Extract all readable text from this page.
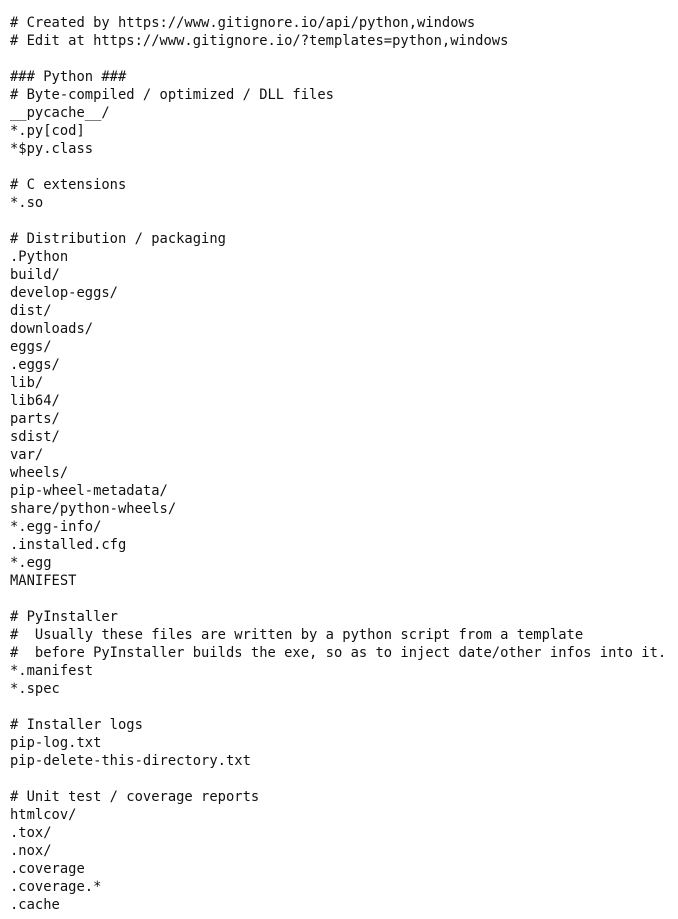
# Created by https://www.gitignore.io/api/python,windows
# Edit at https://www.gitignore.io/?templates=python,windows
### Python ###
# Byte-compiled / optimized / DLL files
__pycache__/
*.py[cod]
*$py.class
# C extensions
*.so
# Distribution / packaging
.Python
build/
develop-eggs/
dist/
downloads/
eggs/
.eggs/
lib/
lib64/
parts/
sdist/
var/
wheels/
pip-wheel-metadata/
share/python-wheels/
*.egg-info/
.installed.cfg
*.egg
MANIFEST
# PyInstaller
#  Usually these files are written by a python script from a template
#  before PyInstaller builds the exe, so as to inject date/other infos into it.
*.manifest
*.spec
# Installer logs
pip-log.txt
pip-delete-this-directory.txt
# Unit test / coverage reports
htmlcov/
.tox/
.nox/
.coverage
.coverage.*
.cache
